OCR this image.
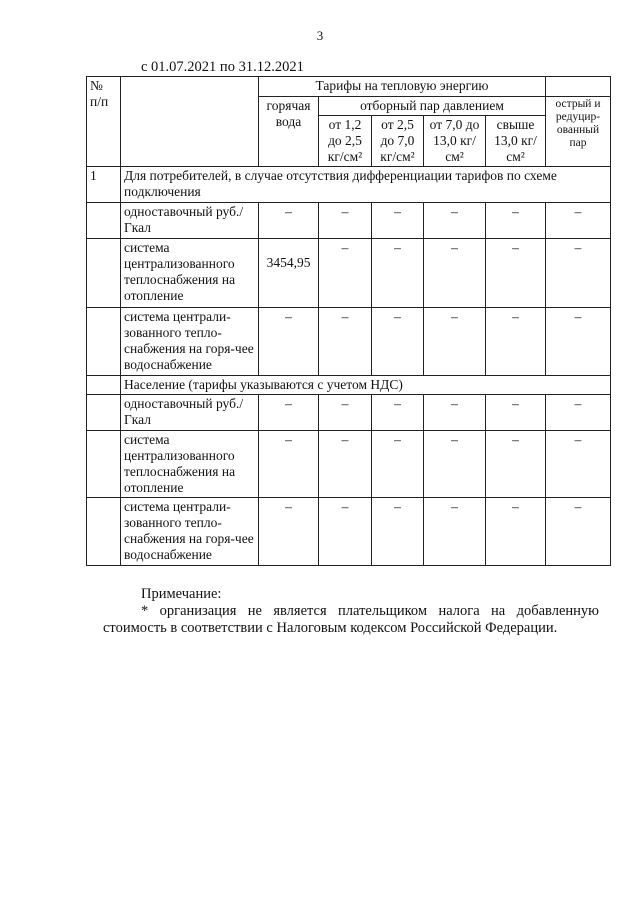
3
с 01.07.2021 по 31.12.2021
№ п/п		Тарифы на тепловую энергию					
		горячая вода	отборный пар давлением				острый и редуцир-ованный пар
			от 1,2 до 2,5 кг/см²	от 2,5 до 7,0 кг/см²	от 7,0 до 13,0 кг/см²	свыше 13,0 кг/см²	
1	Для потребителей, в случае отсутствия дифференциации тарифов по схеме подключения						
	одноставочный руб./Гкал	–	–	–	–	–	–
	система централизованного теплоснабжения на отопление	3454,95	–	–	–	–	–
	система централи-зованного тепло-снабжения на горя-чее водоснабжение	–	–	–	–	–	–
	Население (тарифы указываются с учетом НДС)						
	одноставочный руб./Гкал	–	–	–	–	–	–
	система централизованного теплоснабжения на отопление	–	–	–	–	–	–
	система централи-зованного тепло-снабжения на горя-чее водоснабжение	–	–	–	–	–	–
Примечание:
* организация не является плательщиком налога на добавленную стоимость в соответствии с Налоговым кодексом Российской Федерации.
